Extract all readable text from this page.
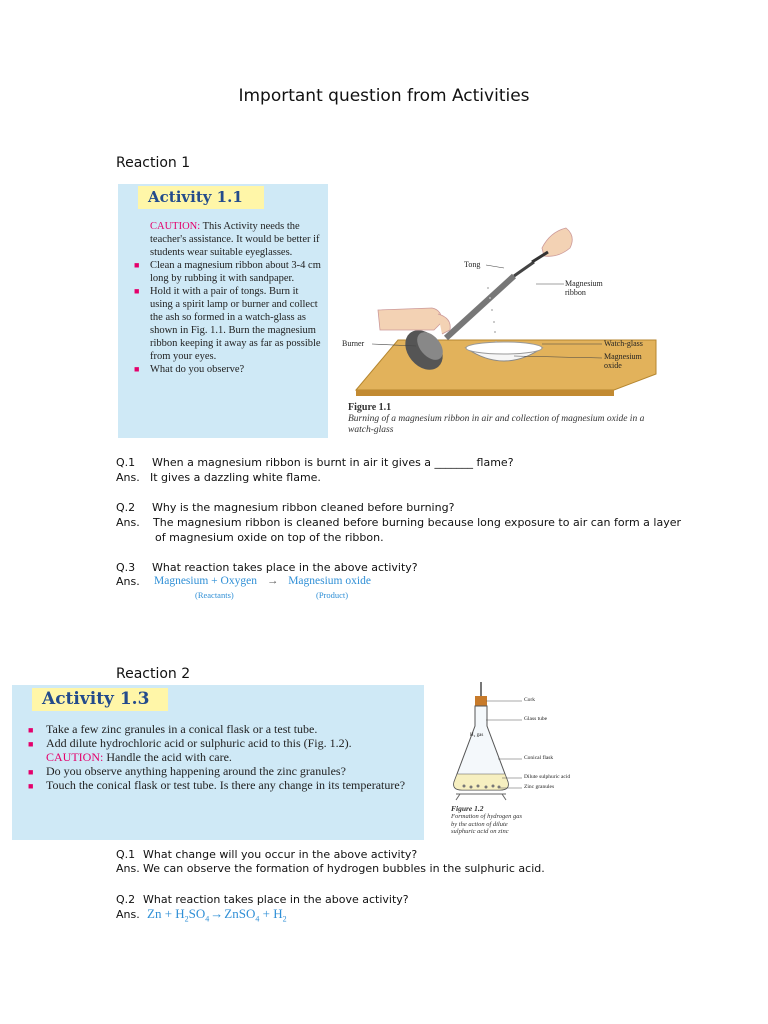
Important question from Activities
Reaction 1
Activity 1.1
CAUTION: This Activity needs the teacher's assistance. It would be better if students wear suitable eyeglasses.
■ Clean a magnesium ribbon about 3-4 cm long by rubbing it with sandpaper.
■ Hold it with a pair of tongs. Burn it using a spirit lamp or burner and collect the ash so formed in a watch-glass as shown in Fig. 1.1. Burn the magnesium ribbon keeping it away as far as possible from your eyes.
■ What do you observe?
Tong
Magnesium ribbon
Burner	Watch-glass
Magnesium oxide
Figure 1.1
Burning of a magnesium ribbon in air and collection of magnesium oxide in a watch-glass
Q.1 When a magnesium ribbon is burnt in air it gives a _______ flame?
Ans. It gives a dazzling white flame.
Q.2 Why is the magnesium ribbon cleaned before burning?
Ans. The magnesium ribbon is cleaned before burning because long exposure to air can form a layer
of magnesium oxide on top of the ribbon.
Q.3 What reaction takes place in the above activity?
Ans. Magnesium + Oxygen → Magnesium oxide
(Reactants)	(Product)
Reaction 2
Activity 1.3
■ Take a few zinc granules in a conical flask or a test tube.
■ Add dilute hydrochloric acid or sulphuric acid to this (Fig. 1.2).
CAUTION: Handle the acid with care.
■ Do you observe anything happening around the zinc granules?
■ Touch the conical flask or test tube. Is there any change in its temperature?
H₂ gas
Cork
Glass tube
Conical flask
Dilute sulphuric acid
Zinc granules
Figure 1.2
Formation of hydrogen gas by the action of dilute sulphuric acid on zinc
Q.1 What change will you occur in the above activity?
Ans. We can observe the formation of hydrogen bubbles in the sulphuric acid.
Q.2 What reaction takes place in the above activity?
Ans. $Zn + H_2SO_4\to ZnSO_4 + H_2$
